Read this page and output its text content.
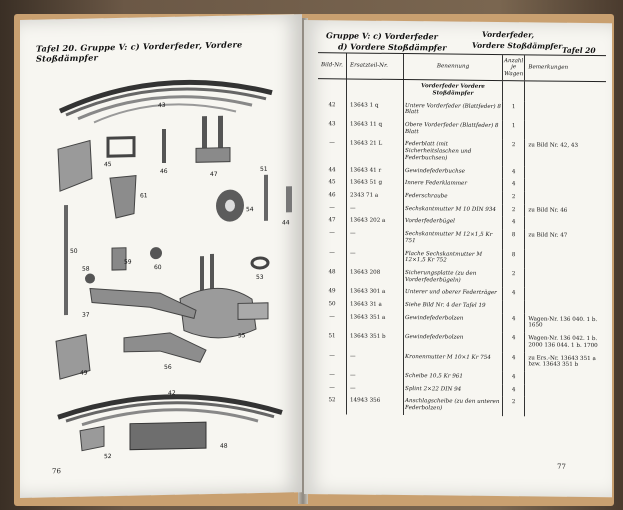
Tafel 20. Gruppe V: c) Vorderfeder, Vordere Stoßdämpfer
43
45
46	47
51
61
54
44
59
58	60
37
50
53
55
49
56
42
52
48
76
Gruppe V: c) Vorderfeder
d) Vordere Stoßdämpfer
Vorderfeder,
Vordere Stoßdämpfer Tafel 20
Bild-Nr.	Ersatzteil-Nr.	Benennung	Anzahl je Wagen	Bemerkungen
		Vorderfeder Vordere Stoßdämpfer		
42	13643 1 q	Untere Vorderfeder (Blattfeder) 8 Blatt	1	
43	13643 11 q	Obere Vorderfeder (Blattfeder) 8 Blatt	1	
—	13643 21 L	Federblatt (mit Sicherheitslaschen und Federbuchsen)	2	zu Bild Nr. 42, 43
44	13643 41 r	Gewindefederbuchse	4	
45	13643 51 g	Innere Federklammer	4	
46	2343 71 a	Federschraube	2	
—	—	Sechskantmutter M 10 DIN 934	2	zu Bild Nr. 46
47	13643 202 a	Vorderfederbügel	4	
—	—	Sechskantmutter M 12×1,5 Kr 751	8	zu Bild Nr. 47
—	—	Flache Sechskantmutter M 12×1,5 Kr 752	8	
48	13643 208	Sicherungsplatte (zu den Vorderfederbügeln)	2	
49	13643 301 a	Unterer und oberer Federträger	4	
50	13643 31 a	Siehe Bild Nr. 4 der Tafel 19		
—	13643 351 a	Gewindefederbolzen	4	Wagen-Nr. 136 040. 1 b. 1650
51	13643 351 b	Gewindefederbolzen	4	Wagen-Nr. 136 042. 1 b. 2000 136 044. 1 b. 1700
—	—	Kronenmutter M 10×1 Kr 754	4	zu Ers.-Nr. 13643 351 a bzw. 13643 351 b
—	—	Scheibe 10,5 Kr 961	4	
—	—	Splint 2×22 DIN 94	4	
52	14943 356	Anschlagscheibe (zu den unteren Federbolzen)	2	
77
